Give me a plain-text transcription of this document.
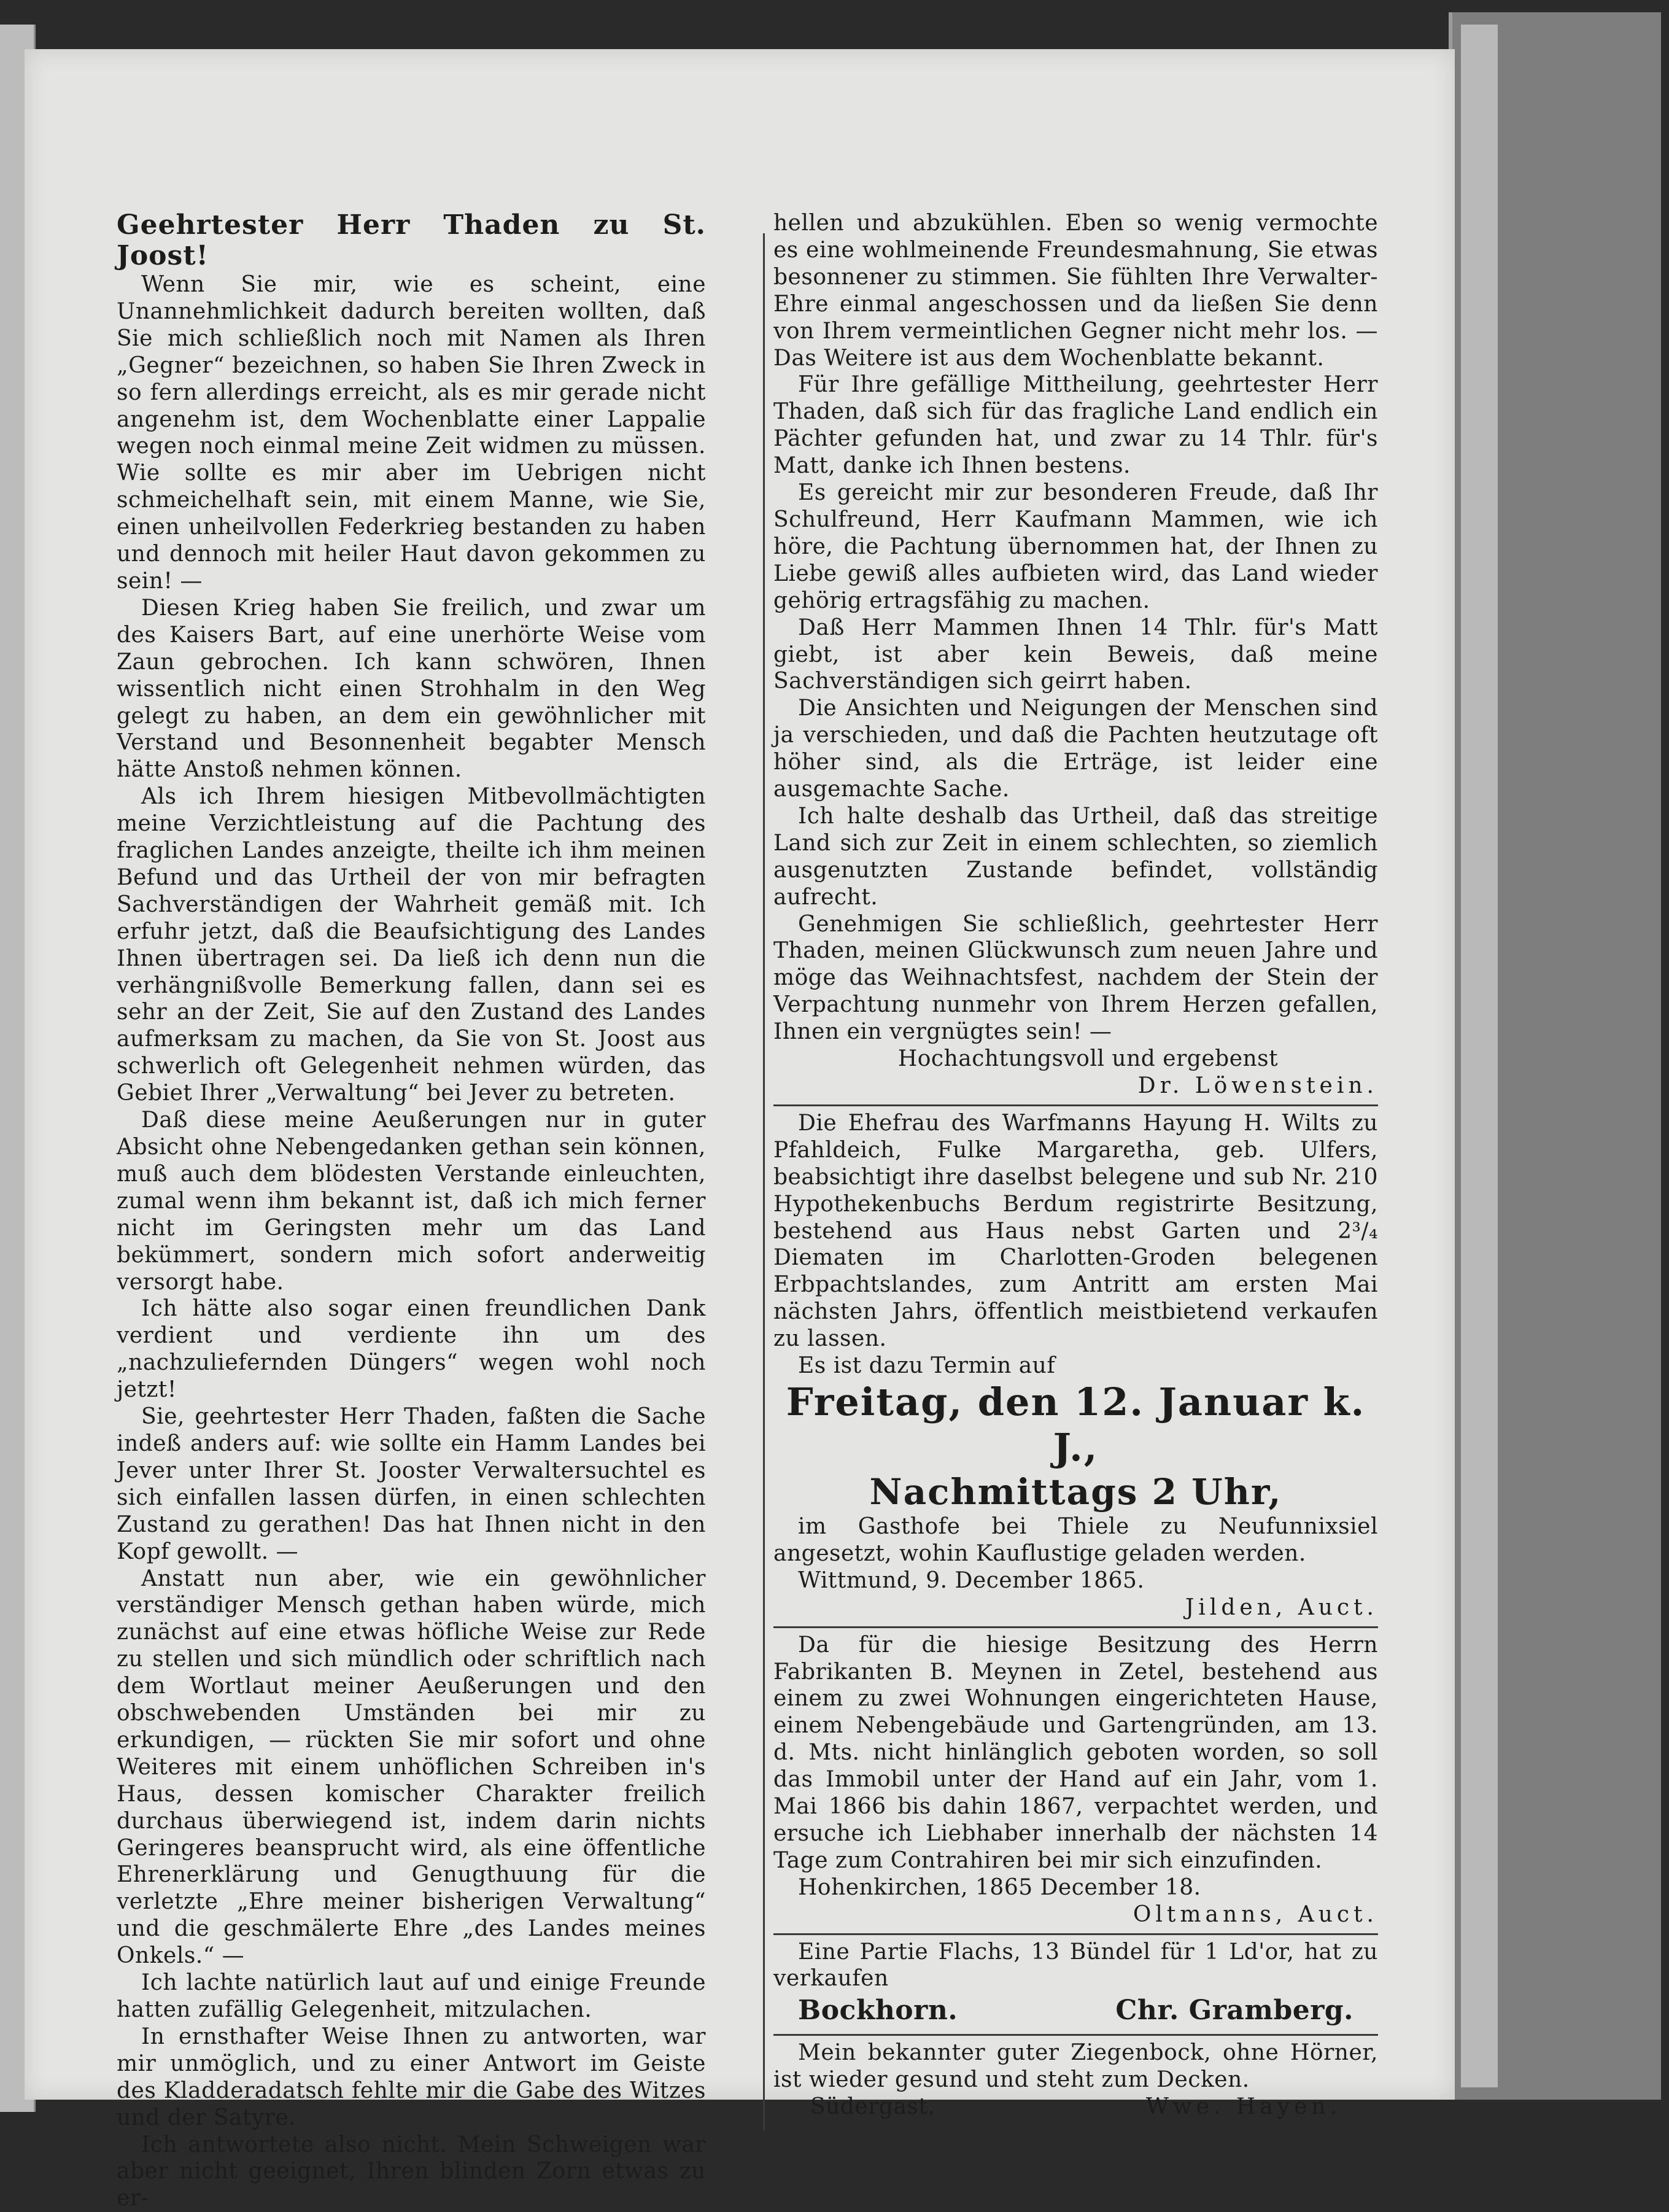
Geehrtester Herr Thaden zu St. Joost!

Wenn Sie mir, wie es scheint, eine Unannehmlichkeit dadurch bereiten wollten, daß Sie mich schließlich noch mit Namen als Ihren „Gegner“ bezeichnen, so haben Sie Ihren Zweck in so fern allerdings erreicht, als es mir gerade nicht angenehm ist, dem Wochenblatte einer Lappalie wegen noch einmal meine Zeit widmen zu müssen. Wie sollte es mir aber im Uebrigen nicht schmeichelhaft sein, mit einem Manne, wie Sie, einen unheilvollen Federkrieg bestanden zu haben und dennoch mit heiler Haut davon gekommen zu sein! —

Diesen Krieg haben Sie freilich, und zwar um des Kaisers Bart, auf eine unerhörte Weise vom Zaun gebrochen. Ich kann schwören, Ihnen wissentlich nicht einen Strohhalm in den Weg gelegt zu haben, an dem ein gewöhnlicher mit Verstand und Besonnenheit begabter Mensch hätte Anstoß nehmen können.

Als ich Ihrem hiesigen Mitbevollmächtigten meine Verzichtleistung auf die Pachtung des fraglichen Landes anzeigte, theilte ich ihm meinen Befund und das Urtheil der von mir befragten Sachverständigen der Wahrheit gemäß mit. Ich erfuhr jetzt, daß die Beaufsichtigung des Landes Ihnen übertragen sei. Da ließ ich denn nun die verhängnißvolle Bemerkung fallen, dann sei es sehr an der Zeit, Sie auf den Zustand des Landes aufmerksam zu machen, da Sie von St. Joost aus schwerlich oft Gelegenheit nehmen würden, das Gebiet Ihrer „Verwaltung“ bei Jever zu betreten.

Daß diese meine Aeußerungen nur in guter Absicht ohne Nebengedanken gethan sein können, muß auch dem blödesten Verstande einleuchten, zumal wenn ihm bekannt ist, daß ich mich ferner nicht im Geringsten mehr um das Land bekümmert, sondern mich sofort anderweitig versorgt habe.

Ich hätte also sogar einen freundlichen Dank verdient und verdiente ihn um des „nachzuliefernden Düngers“ wegen wohl noch jetzt!

Sie, geehrtester Herr Thaden, faßten die Sache indeß anders auf: wie sollte ein Hamm Landes bei Jever unter Ihrer St. Jooster Verwaltersuchtel es sich einfallen lassen dürfen, in einen schlechten Zustand zu gerathen! Das hat Ihnen nicht in den Kopf gewollt. —

Anstatt nun aber, wie ein gewöhnlicher verständiger Mensch gethan haben würde, mich zunächst auf eine etwas höfliche Weise zur Rede zu stellen und sich mündlich oder schriftlich nach dem Wortlaut meiner Aeußerungen und den obschwebenden Umständen bei mir zu erkundigen, — rückten Sie mir sofort und ohne Weiteres mit einem unhöflichen Schreiben in's Haus, dessen komischer Charakter freilich durchaus überwiegend ist, indem darin nichts Geringeres beansprucht wird, als eine öffentliche Ehrenerklärung und Genugthuung für die verletzte „Ehre meiner bisherigen Verwaltung“ und die geschmälerte Ehre „des Landes meines Onkels.“ —

Ich lachte natürlich laut auf und einige Freunde hatten zufällig Gelegenheit, mitzulachen.

In ernsthafter Weise Ihnen zu antworten, war mir unmöglich, und zu einer Antwort im Geiste des Kladderadatsch fehlte mir die Gabe des Witzes und der Satyre.

Ich antwortete also nicht. Mein Schweigen war aber nicht geeignet, Ihren blinden Zorn etwas zu er-

hellen und abzukühlen. Eben so wenig vermochte es eine wohlmeinende Freundesmahnung, Sie etwas besonnener zu stimmen. Sie fühlten Ihre Verwalter-Ehre einmal angeschossen und da ließen Sie denn von Ihrem vermeintlichen Gegner nicht mehr los. — Das Weitere ist aus dem Wochenblatte bekannt.

Für Ihre gefällige Mittheilung, geehrtester Herr Thaden, daß sich für das fragliche Land endlich ein Pächter gefunden hat, und zwar zu 14 Thlr. für's Matt, danke ich Ihnen bestens.

Es gereicht mir zur besonderen Freude, daß Ihr Schulfreund, Herr Kaufmann Mammen, wie ich höre, die Pachtung übernommen hat, der Ihnen zu Liebe gewiß alles aufbieten wird, das Land wieder gehörig ertragsfähig zu machen.

Daß Herr Mammen Ihnen 14 Thlr. für's Matt giebt, ist aber kein Beweis, daß meine Sachverständigen sich geirrt haben.

Die Ansichten und Neigungen der Menschen sind ja verschieden, und daß die Pachten heutzutage oft höher sind, als die Erträge, ist leider eine ausgemachte Sache.

Ich halte deshalb das Urtheil, daß das streitige Land sich zur Zeit in einem schlechten, so ziemlich ausgenutzten Zustande befindet, vollständig aufrecht.

Genehmigen Sie schließlich, geehrtester Herr Thaden, meinen Glückwunsch zum neuen Jahre und möge das Weihnachtsfest, nachdem der Stein der Verpachtung nunmehr von Ihrem Herzen gefallen, Ihnen ein vergnügtes sein! —

Hochachtungsvoll und ergebenst

Dr. Löwenstein.

Die Ehefrau des Warfmanns Hayung H. Wilts zu Pfahldeich, Fulke Margaretha, geb. Ulfers, beabsichtigt ihre daselbst belegene und sub Nr. 210 Hypothekenbuchs Berdum registrirte Besitzung, bestehend aus Haus nebst Garten und 2³/₄ Diematen im Charlotten-Groden belegenen Erbpachtslandes, zum Antritt am ersten Mai nächsten Jahrs, öffentlich meistbietend verkaufen zu lassen.

Es ist dazu Termin auf

Freitag, den 12. Januar k. J.,
Nachmittags 2 Uhr,

im Gasthofe bei Thiele zu Neufunnixsiel angesetzt, wohin Kauflustige geladen werden.

Wittmund, 9. December 1865.

Jilden, Auct.

Da für die hiesige Besitzung des Herrn Fabrikanten B. Meynen in Zetel, bestehend aus einem zu zwei Wohnungen eingerichteten Hause, einem Nebengebäude und Gartengründen, am 13. d. Mts. nicht hinlänglich geboten worden, so soll das Immobil unter der Hand auf ein Jahr, vom 1. Mai 1866 bis dahin 1867, verpachtet werden, und ersuche ich Liebhaber innerhalb der nächsten 14 Tage zum Contrahiren bei mir sich einzufinden.

Hohenkirchen, 1865 December 18.

Oltmanns, Auct.

Eine Partie Flachs, 13 Bündel für 1 Ld'or, hat zu verkaufen

Bockhorn.	Chr. Gramberg.

Mein bekannter guter Ziegenbock, ohne Hörner, ist wieder gesund und steht zum Decken.

Südergast.	Wwe. Hayen.
